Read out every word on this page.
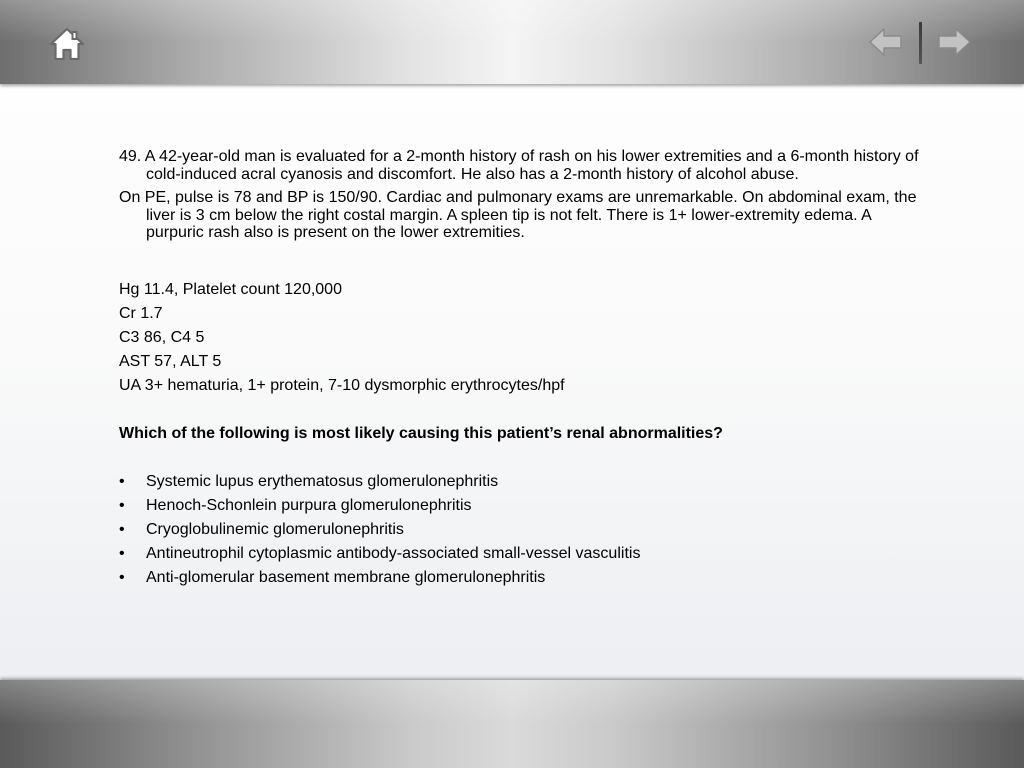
49. A 42-year-old man is evaluated for a 2-month history of rash on his lower extremities and a 6-month history of cold-induced acral cyanosis and discomfort. He also has a 2-month history of alcohol abuse.

On PE, pulse is 78 and BP is 150/90. Cardiac and pulmonary exams are unremarkable. On abdominal exam, the liver is 3 cm below the right costal margin. A spleen tip is not felt. There is 1+ lower-extremity edema. A purpuric rash also is present on the lower extremities.

Hg 11.4, Platelet count 120,000

Cr 1.7

C3 86, C4 5

AST 57, ALT 5

UA 3+ hematuria, 1+ protein, 7-10 dysmorphic erythrocytes/hpf

Which of the following is most likely causing this patient’s renal abnormalities?

• Systemic lupus erythematosus glomerulonephritis
• Henoch-Schonlein purpura glomerulonephritis
• Cryoglobulinemic glomerulonephritis
• Antineutrophil cytoplasmic antibody-associated small-vessel vasculitis
• Anti-glomerular basement membrane glomerulonephritis
